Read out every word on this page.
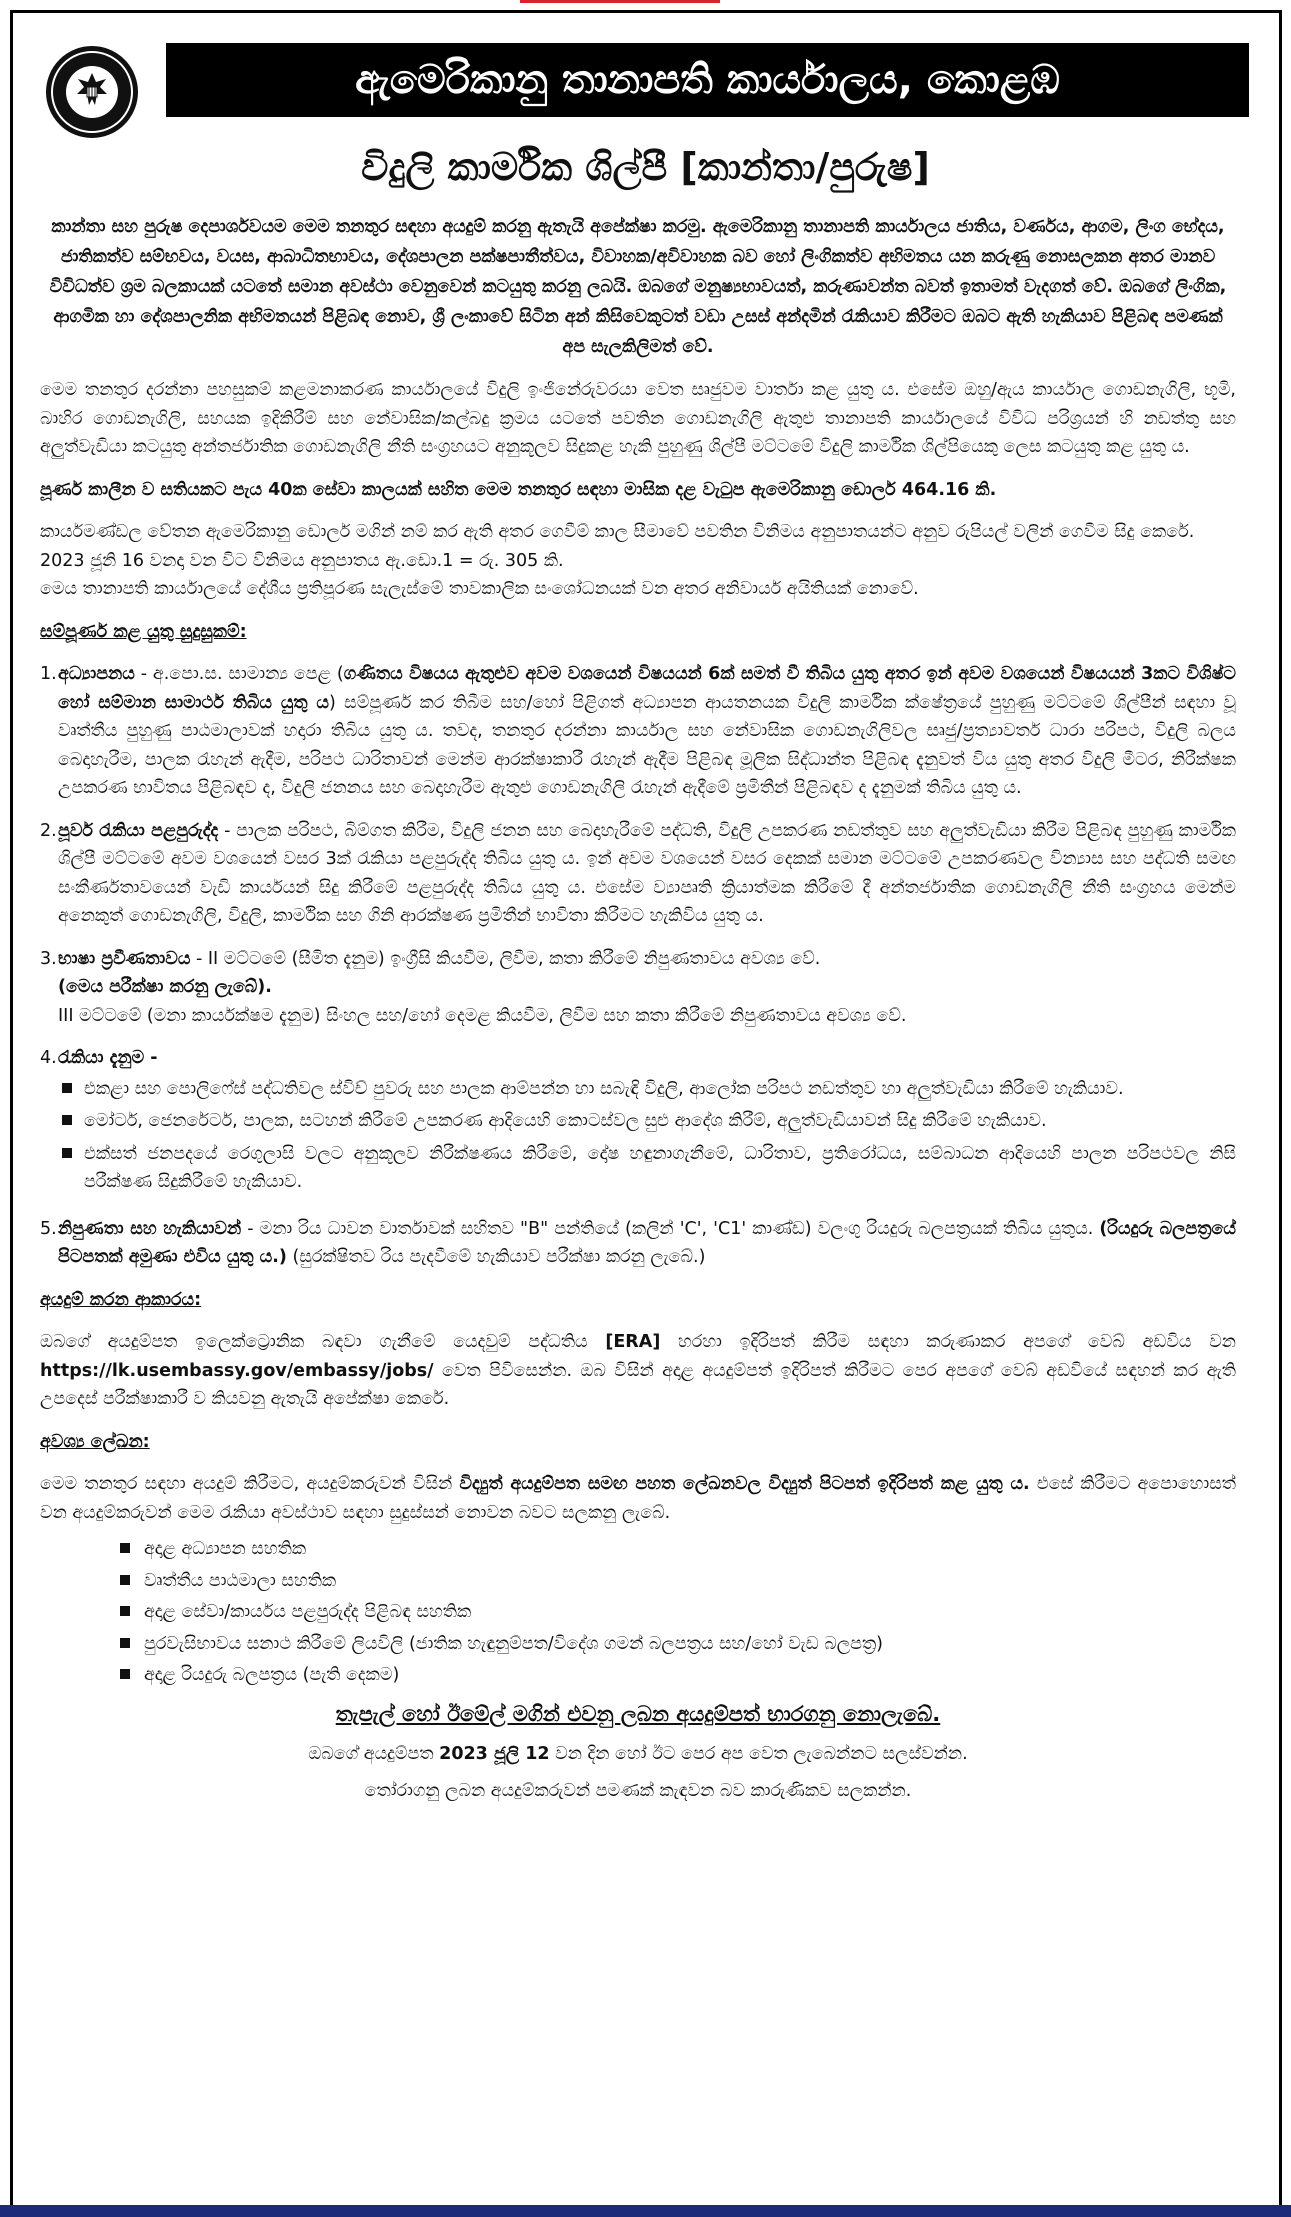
ඇමෙරිකානු තානාපති කාර්යාලය, කොළඹ
විදුලි කාර්මික ශිල්පී [කාන්තා/පුරුෂ]

කාන්තා සහ පුරුෂ දෙපාර්ශවයම මෙම තනතුර සඳහා අයදුම් කරනු ඇතැයි අපේක්ෂා කරමු. ඇමෙරිකානු තානාපති කාර්යාලය ජාතිය, වර්ණය, ආගම, ලිංග භේදය, ජාතිකත්ව සම්භවය, වයස, ආබාධිතභාවය, දේශපාලන පක්ෂපාතීත්වය, විවාහක/අවිවාහක බව හෝ ලිංගිකත්ව අභිමතය යන කරුණු නොසලකන අතර මානව විවිධත්ව ශ්‍රම බලකායක් යටතේ සමාන අවස්ථා වෙනුවෙන් කටයුතු කරනු ලබයි. ඔබගේ මනුෂ්‍යභාවයත්, කරුණාවන්ත බවත් ඉතාමත් වැදගත් වේ. ඔබගේ ලිංගික, ආගමික හා දේශපාලනික අභිමතයන් පිළිබඳ නොව, ශ්‍රී ලංකාවේ සිටින අන් කිසිවෙකුටත් වඩා උසස් අන්දමින් රැකියාව කිරීමට ඔබට ඇති හැකියාව පිළිබඳ පමණක් අප සැලකිලිමත් වේ.

මෙම තනතුර දරන්නා පහසුකම් කළමනාකරණ කාර්යාලයේ විදුලි ඉංජිනේරුවරයා වෙත සෘජුවම වාර්තා කළ යුතු ය. එසේම ඔහු/ඇය කාර්යාල ගොඩනැගිලි, භූමි, බාහිර ගොඩනැගිලි, සහයක ඉදිකිරීම් සහ නේවාසික/කල්බදු ක්‍රමය යටතේ පවතින ගොඩනැගිලි ඇතුළු තානාපති කාර්යාලයේ විවිධ පරිශ්‍රයන් හි නඩත්තු සහ අලුත්වැඩියා කටයුතු අන්තර්ජාතික ගොඩනැගිලි නීති සංග්‍රහයට අනුකූලව සිදුකළ හැකි පුහුණු ශිල්පී මට්ටමේ විදුලි කාර්මික ශිල්පියෙකු ලෙස කටයුතු කළ යුතු ය.

පූර්ණ කාලීන ව සතියකට පැය 40ක සේවා කාලයක් සහිත මෙම තනතුර සඳහා මාසික දළ වැටුප ඇමෙරිකානු ඩොලර් 464.16 කි.

කාර්යමණ්ඩල වේතන ඇමෙරිකානු ඩොලර් මගින් නම් කර ඇති අතර ගෙවීම් කාල සීමාවේ පවතින විනිමය අනුපාතයන්ට අනුව රුපියල් වලින් ගෙවීම සිදු කෙරේ. 2023 ජූනි 16 වනදා වන විට විනිමය අනුපාතය ඇ.ඩො.1 = රු. 305 කි.

මෙය තානාපති කාර්යාලයේ දේශීය ප්‍රතිපූරණ සැලැස්මේ තාවකාලික සංශෝධනයක් වන අතර අනිවාර්ය අයිතියක් නොවේ.

සම්පූර්ණ කළ යුතු සුදුසුකම්:
1. අධ්‍යාපනය - අ.පො.ස. සාමාන්‍ය පෙළ (ගණිතය විෂයය ඇතුළුව අවම වශයෙන් විෂයයන් 6ක් සමත් වී තිබිය යුතු අතර ඉන් අවම වශයෙන් විෂයයන් 3කට විශිෂ්ට හෝ සම්මාන සාමාර්ථ තිබිය යුතු ය) සම්පූර්ණ කර තිබීම සහ/හෝ පිළිගත් අධ්‍යාපන ආයතනයක විදුලි කාර්මික ක්ෂේත්‍රයේ පුහුණු මට්ටමේ ශිල්පීන් සඳහා වූ වෘත්තීය පුහුණු පාඨමාලාවක් හදාරා තිබිය යුතු ය. තවද, තනතුර දරන්නා කාර්යාල සහ නේවාසික ගොඩනැගිලිවල සෘජු/ප්‍රත්‍යාවර්ත ධාරා පරිපථ, විදුලි බලය බෙදාහැරීම, පාලක රැහැන් ඇදීම, පරිපථ ධාරිතාවන් මෙන්ම ආරක්ෂාකාරී රැහැන් ඇදීම පිළිබඳ මූලික සිද්ධාන්ත පිළිබඳ දැනුවත් විය යුතු අතර විදුලි මීටර, නිරීක්ෂක උපකරණ භාවිතය පිළිබඳව ද, විදුලි ජනනය සහ බෙදාහැරීම ඇතුළු ගොඩනැගිලි රැහැන් ඇදීමේ ප්‍රමිතීන් පිළිබඳව ද දැනුමක් තිබිය යුතු ය.
2. පූර්ව රැකියා පළපුරුද්ද - පාලක පරිපථ, බිම්ගත කිරීම, විදුලි ජනන සහ බෙදාහැරීමේ පද්ධති, විදුලි උපකරණ නඩත්තුව සහ අලුත්වැඩියා කිරීම පිළිබඳ පුහුණු කාර්මික ශිල්පී මට්ටමේ අවම වශයෙන් වසර 3ක් රැකියා පළපුරුද්ද තිබිය යුතු ය. ඉන් අවම වශයෙන් වසර දෙකක් සමාන මට්ටමේ උපකරණවල වින්‍යාස සහ පද්ධති සමඟ සංකීර්ණතාවයෙන් වැඩි කාර්යයන් සිදු කිරීමේ පළපුරුද්ද තිබිය යුතු ය. එසේම ව්‍යාපෘති ක්‍රියාත්මක කිරීමේ දී අන්තර්ජාතික ගොඩනැගිලි නීති සංග්‍රහය මෙන්ම අනෙකුත් ගොඩනැගිලි, විදුලි, කාර්මික සහ ගිනි ආරක්ෂණ ප්‍රමිතීන් භාවිතා කිරීමට හැකිවිය යුතු ය.
3. භාෂා ප්‍රවීණතාවය - II මට්ටමේ (සීමිත දැනුම) ඉංග්‍රීසි කියවීම, ලිවීම, කතා කිරීමේ නිපුණතාවය අවශ්‍ය වේ.
(මෙය පරීක්ෂා කරනු ලැබේ).
III මට්ටමේ (මනා කාර්යක්ෂම දැනුම) සිංහල සහ/හෝ දෙමළ කියවීම, ලිවීම සහ කතා කිරීමේ නිපුණතාවය අවශ්‍ය වේ.
4. රැකියා දැනුම -
එකළා සහ පොලිෆේස් පද්ධතිවල ස්විච් පුවරු සහ පාලක ආම්පන්න හා සබැඳි විදුලි, ආලෝක පරිපථ නඩත්තුව හා අලුත්වැඩියා කිරීමේ හැකියාව.
මෝටර්, ජෙනරේටර්, පාලක, සටහන් කිරීමේ උපකරණ ආදියෙහි කොටස්වල සුළු ආදේශ කිරීම්, අලුත්වැඩියාවන් සිදු කිරීමේ හැකියාව.
එක්සත් ජනපදයේ රෙගුලාසි වලට අනුකූලව නිරීක්ෂණය කිරීමේ, දෝෂ හඳුනාගැනීමේ, ධාරිතාව, ප්‍රතිරෝධය, සම්බාධන ආදියෙහි පාලන පරිපථවල නිසි පරීක්ෂණ සිදුකිරීමේ හැකියාව.
5. නිපුණතා සහ හැකියාවන් - මනා රිය ධාවන වාර්තාවක් සහිතව "B" පන්තියේ (කලින් 'C', 'C1' කාණ්ඩ) වලංගු රියදුරු බලපත්‍රයක් තිබිය යුතුය. (රියදුරු බලපත්‍රයේ පිටපතක් අමුණා එවිය යුතු ය.) (සුරක්ෂිතව රිය පැදවීමේ හැකියාව පරීක්ෂා කරනු ලැබේ.)
අයදුම් කරන ආකාරය:

ඔබගේ අයදුම්පත ඉලෙක්ට්‍රොනික බඳවා ගැනීමේ යෙදවුම් පද්ධතිය [ERA] හරහා ඉදිරිපත් කිරීම සඳහා කරුණාකර අපගේ වෙබ් අඩවිය වන https://lk.usembassy.gov/embassy/jobs/ වෙත පිවිසෙන්න. ඔබ විසින් අදාළ අයදුම්පත් ඉදිරිපත් කිරීමට පෙර අපගේ වෙබ් අඩවියේ සඳහන් කර ඇති උපදෙස් පරීක්ෂාකාරී ව කියවනු ඇතැයි අපේක්ෂා කෙරේ.

අවශ්‍ය ලේඛන:

මෙම තනතුර සඳහා අයදුම් කිරීමට, අයදුම්කරුවන් විසින් විද්‍යුත් අයදුම්පත සමඟ පහත ලේඛනවල විද්‍යුත් පිටපත් ඉදිරිපත් කළ යුතු ය. එසේ කිරීමට අපොහොසත් වන අයදුම්කරුවන් මෙම රැකියා අවස්ථාව සඳහා සුදුස්සන් නොවන බවට සලකනු ලැබේ.

අදාළ අධ්‍යාපන සහතික
වෘත්තීය පාඨමාලා සහතික
අදාළ සේවා/කාර්යය පළපුරුද්ද පිළිබඳ සහතික
පුරවැසිභාවය සනාථ කිරීමේ ලියවිලි (ජාතික හැඳුනුම්පත/විදේශ ගමන් බලපත්‍රය සහ/හෝ වැඩ බලපත්‍ර)
අදාළ රියදුරු බලපත්‍රය (පැති දෙකම)
තැපැල් හෝ ඊමේල් මගින් එවනු ලබන අයදුම්පත් භාරගනු නොලැබේ.
ඔබගේ අයදුම්පත 2023 ජූලි 12 වන දින හෝ ඊට පෙර අප වෙත ලැබෙන්නට සලස්වන්න.
තෝරාගනු ලබන අයදුම්කරුවන් පමණක් කැඳවන බව කාරුණිකව සලකන්න.
